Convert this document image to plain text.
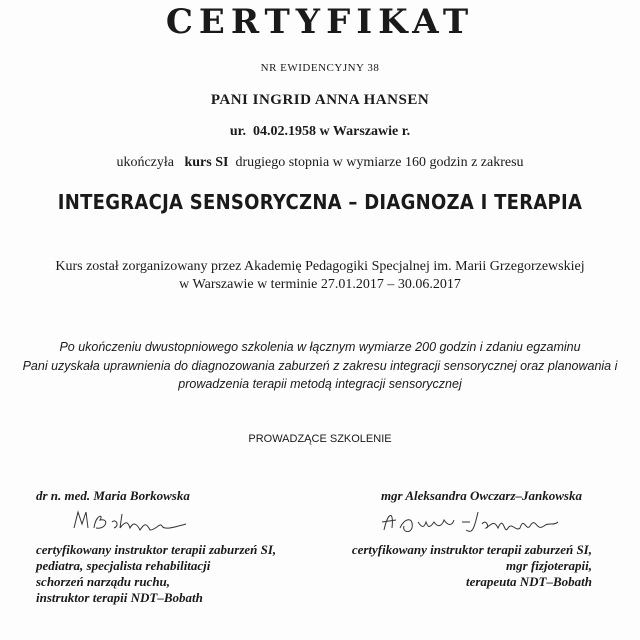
CERTYFIKAT
NR EWIDENCYJNY 38
PANI INGRID ANNA HANSEN
ur. 04.02.1958 w Warszawie r.
ukończyła kurs SI drugiego stopnia w wymiarze 160 godzin z zakresu
INTEGRACJA SENSORYCZNA – DIAGNOZA I TERAPIA
Kurs został zorganizowany przez Akademię Pedagogiki Specjalnej im. Marii Grzegorzewskiej
w Warszawie w terminie 27.01.2017 – 30.06.2017
Po ukończeniu dwustopniowego szkolenia w łącznym wymiarze 200 godzin i zdaniu egzaminu
Pani uzyskała uprawnienia do diagnozowania zaburzeń z zakresu integracji sensorycznej oraz planowania i
prowadzenia terapii metodą integracji sensorycznej
PROWADZĄCE SZKOLENIE
dr n. med. Maria Borkowska
certyfikowany instruktor terapii zaburzeń SI,
pediatra, specjalista rehabilitacji
schorzeń narządu ruchu,
instruktor terapii NDT–Bobath
mgr Aleksandra Owczarz–Jankowska
certyfikowany instruktor terapii zaburzeń SI,
mgr fizjoterapii,
terapeuta NDT–Bobath
